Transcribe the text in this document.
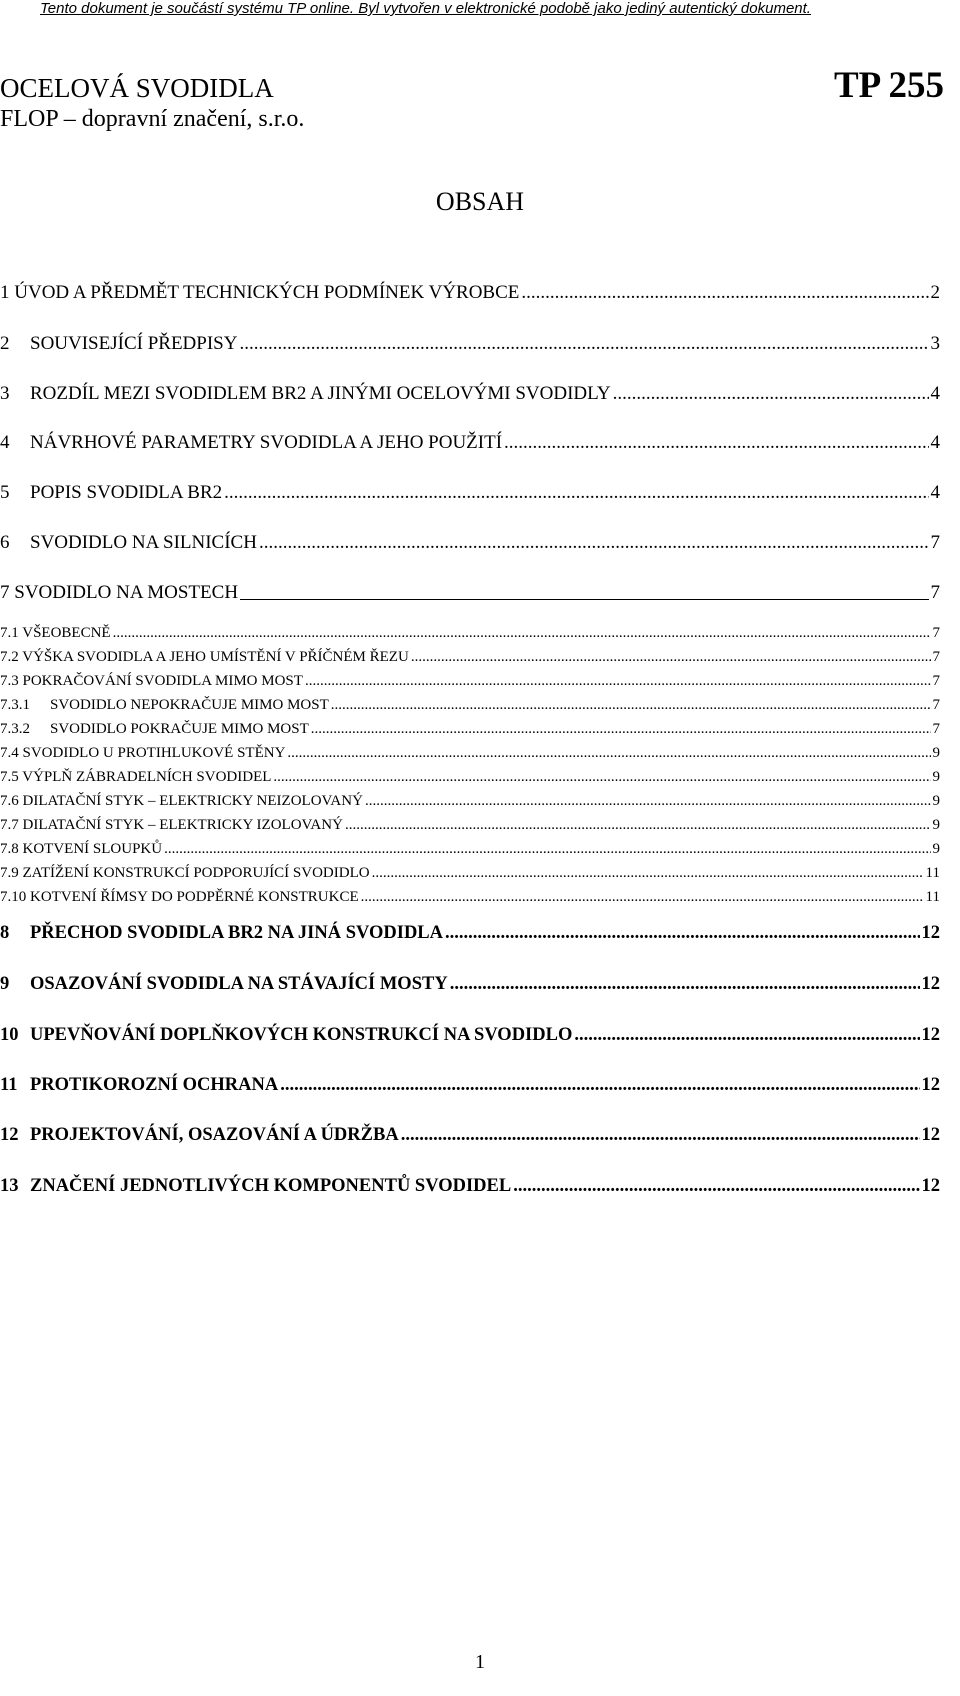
Tento dokument je součástí systému TP online. Byl vytvořen v elektronické podobě jako jediný autentický dokument.
OCELOVÁ SVODIDLA
FLOP – dopravní značení, s.r.o.
TP 255
OBSAH
1 ÚVOD A PŘEDMĚT TECHNICKÝCH PODMÍNEK VÝROBCE .....	2
2 SOUVISEJÍCÍ PŘEDPISY .....	3
3 ROZDÍL MEZI SVODIDLEM BR2 A JINÝMI OCELOVÝMI SVODIDLY .....	4
4 NÁVRHOVÉ PARAMETRY SVODIDLA A JEHO POUŽITÍ .....	4
5 POPIS SVODIDLA BR2 .....	4
6 SVODIDLO NA SILNICÍCH .....	7
7 SVODIDLO NA MOSTECH	7
7.1 VŠEOBECNĚ .....	7
7.2 VÝŠKA SVODIDLA A JEHO UMÍSTĚNÍ V PŘÍČNÉM ŘEZU .....	7
7.3 POKRAČOVÁNÍ SVODIDLA MIMO MOST .....	7
7.3.1 SVODIDLO NEPOKRAČUJE MIMO MOST .....	7
7.3.2 SVODIDLO POKRAČUJE MIMO MOST .....	7
7.4 SVODIDLO U PROTIHLUKOVÉ STĚNY .....	9
7.5 VÝPLŇ ZÁBRADELNÍCH SVODIDEL .....	9
7.6 DILATAČNÍ STYK – ELEKTRICKY NEIZOLOVANÝ .....	9
7.7 DILATAČNÍ STYK – ELEKTRICKY IZOLOVANÝ .....	9
7.8 KOTVENÍ SLOUPKŮ .....	9
7.9 ZATÍŽENÍ KONSTRUKCÍ PODPORUJÍCÍ SVODIDLO .....	11
7.10 KOTVENÍ ŘÍMSY DO PODPĚRNÉ KONSTRUKCE .....	11
8 PŘECHOD SVODIDLA BR2 NA JINÁ SVODIDLA .....	12
9 OSAZOVÁNÍ SVODIDLA NA STÁVAJÍCÍ MOSTY .....	12
10 UPEVŇOVÁNÍ DOPLŇKOVÝCH KONSTRUKCÍ NA SVODIDLO .....	12
11 PROTIKOROZNÍ OCHRANA .....	12
12 PROJEKTOVÁNÍ, OSAZOVÁNÍ A ÚDRŽBA .....	12
13 ZNAČENÍ JEDNOTLIVÝCH KOMPONENTŮ SVODIDEL .....	12
1
